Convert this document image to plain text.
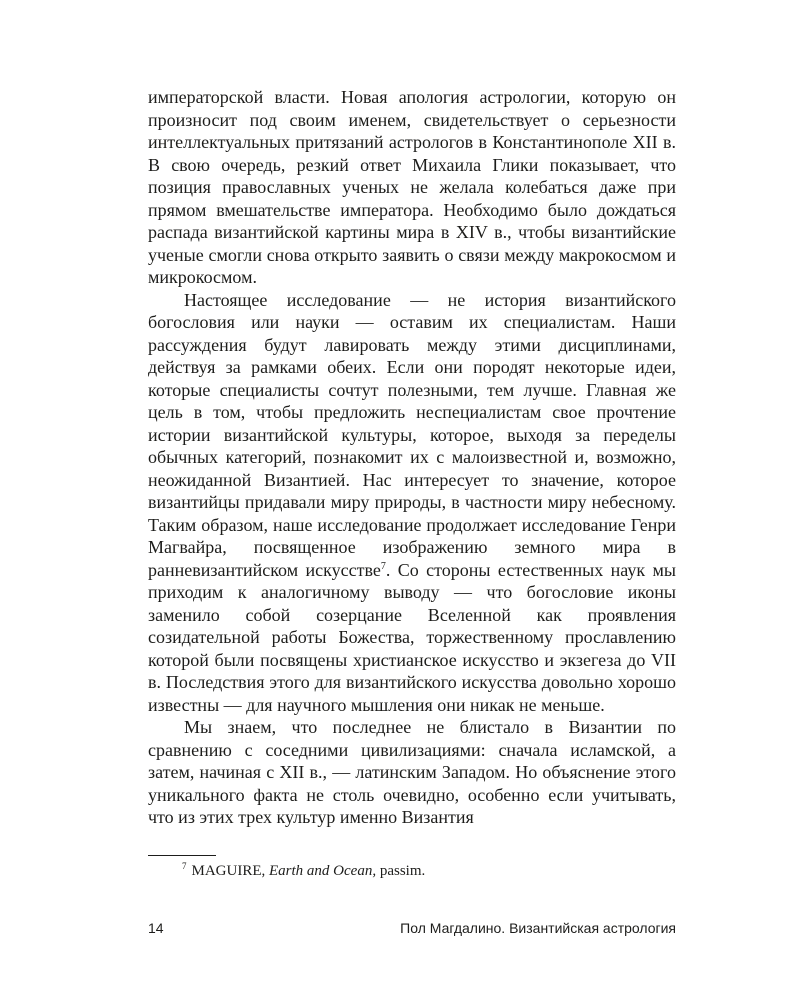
императорской власти. Новая апология астрологии, которую он произносит под своим именем, свидетельствует о серьезности интеллектуальных притязаний астрологов в Константинополе XII в. В свою очередь, резкий ответ Михаила Глики показывает, что позиция православных ученых не желала колебаться даже при прямом вмешательстве императора. Необходимо было дождаться распада византийской картины мира в XIV в., чтобы византийские ученые смогли снова открыто заявить о связи между макрокосмом и микрокосмом.

Настоящее исследование — не история византийского богословия или науки — оставим их специалистам. Наши рассуждения будут лавировать между этими дисциплинами, действуя за рамками обеих. Если они породят некоторые идеи, которые специалисты сочтут полезными, тем лучше. Главная же цель в том, чтобы предложить неспециалистам свое прочтение истории византийской культуры, которое, выходя за переделы обычных категорий, познакомит их с малоизвестной и, возможно, неожиданной Византией. Нас интересует то значение, которое византийцы придавали миру природы, в частности миру небесному. Таким образом, наше исследование продолжает исследование Генри Магвайра, посвященное изображению земного мира в ранневизантийском искусстве$^7$. Со стороны естественных наук мы приходим к аналогичному выводу — что богословие иконы заменило собой созерцание Вселенной как проявления созидательной работы Божества, торжественному прославлению которой были посвящены христианское искусство и экзегеза до VII в. Последствия этого для византийского искусства довольно хорошо известны — для научного мышления они никак не меньше.

Мы знаем, что последнее не блистало в Византии по сравнению с соседними цивилизациями: сначала исламской, а затем, начиная с XII в., — латинским Западом. Но объяснение этого уникального факта не столь очевидно, особенно если учитывать, что из этих трех культур именно Византия

$^7$ MAGUIRE, Earth and Ocean, passim.
14	Пол Магдалино. Византийская астрология
